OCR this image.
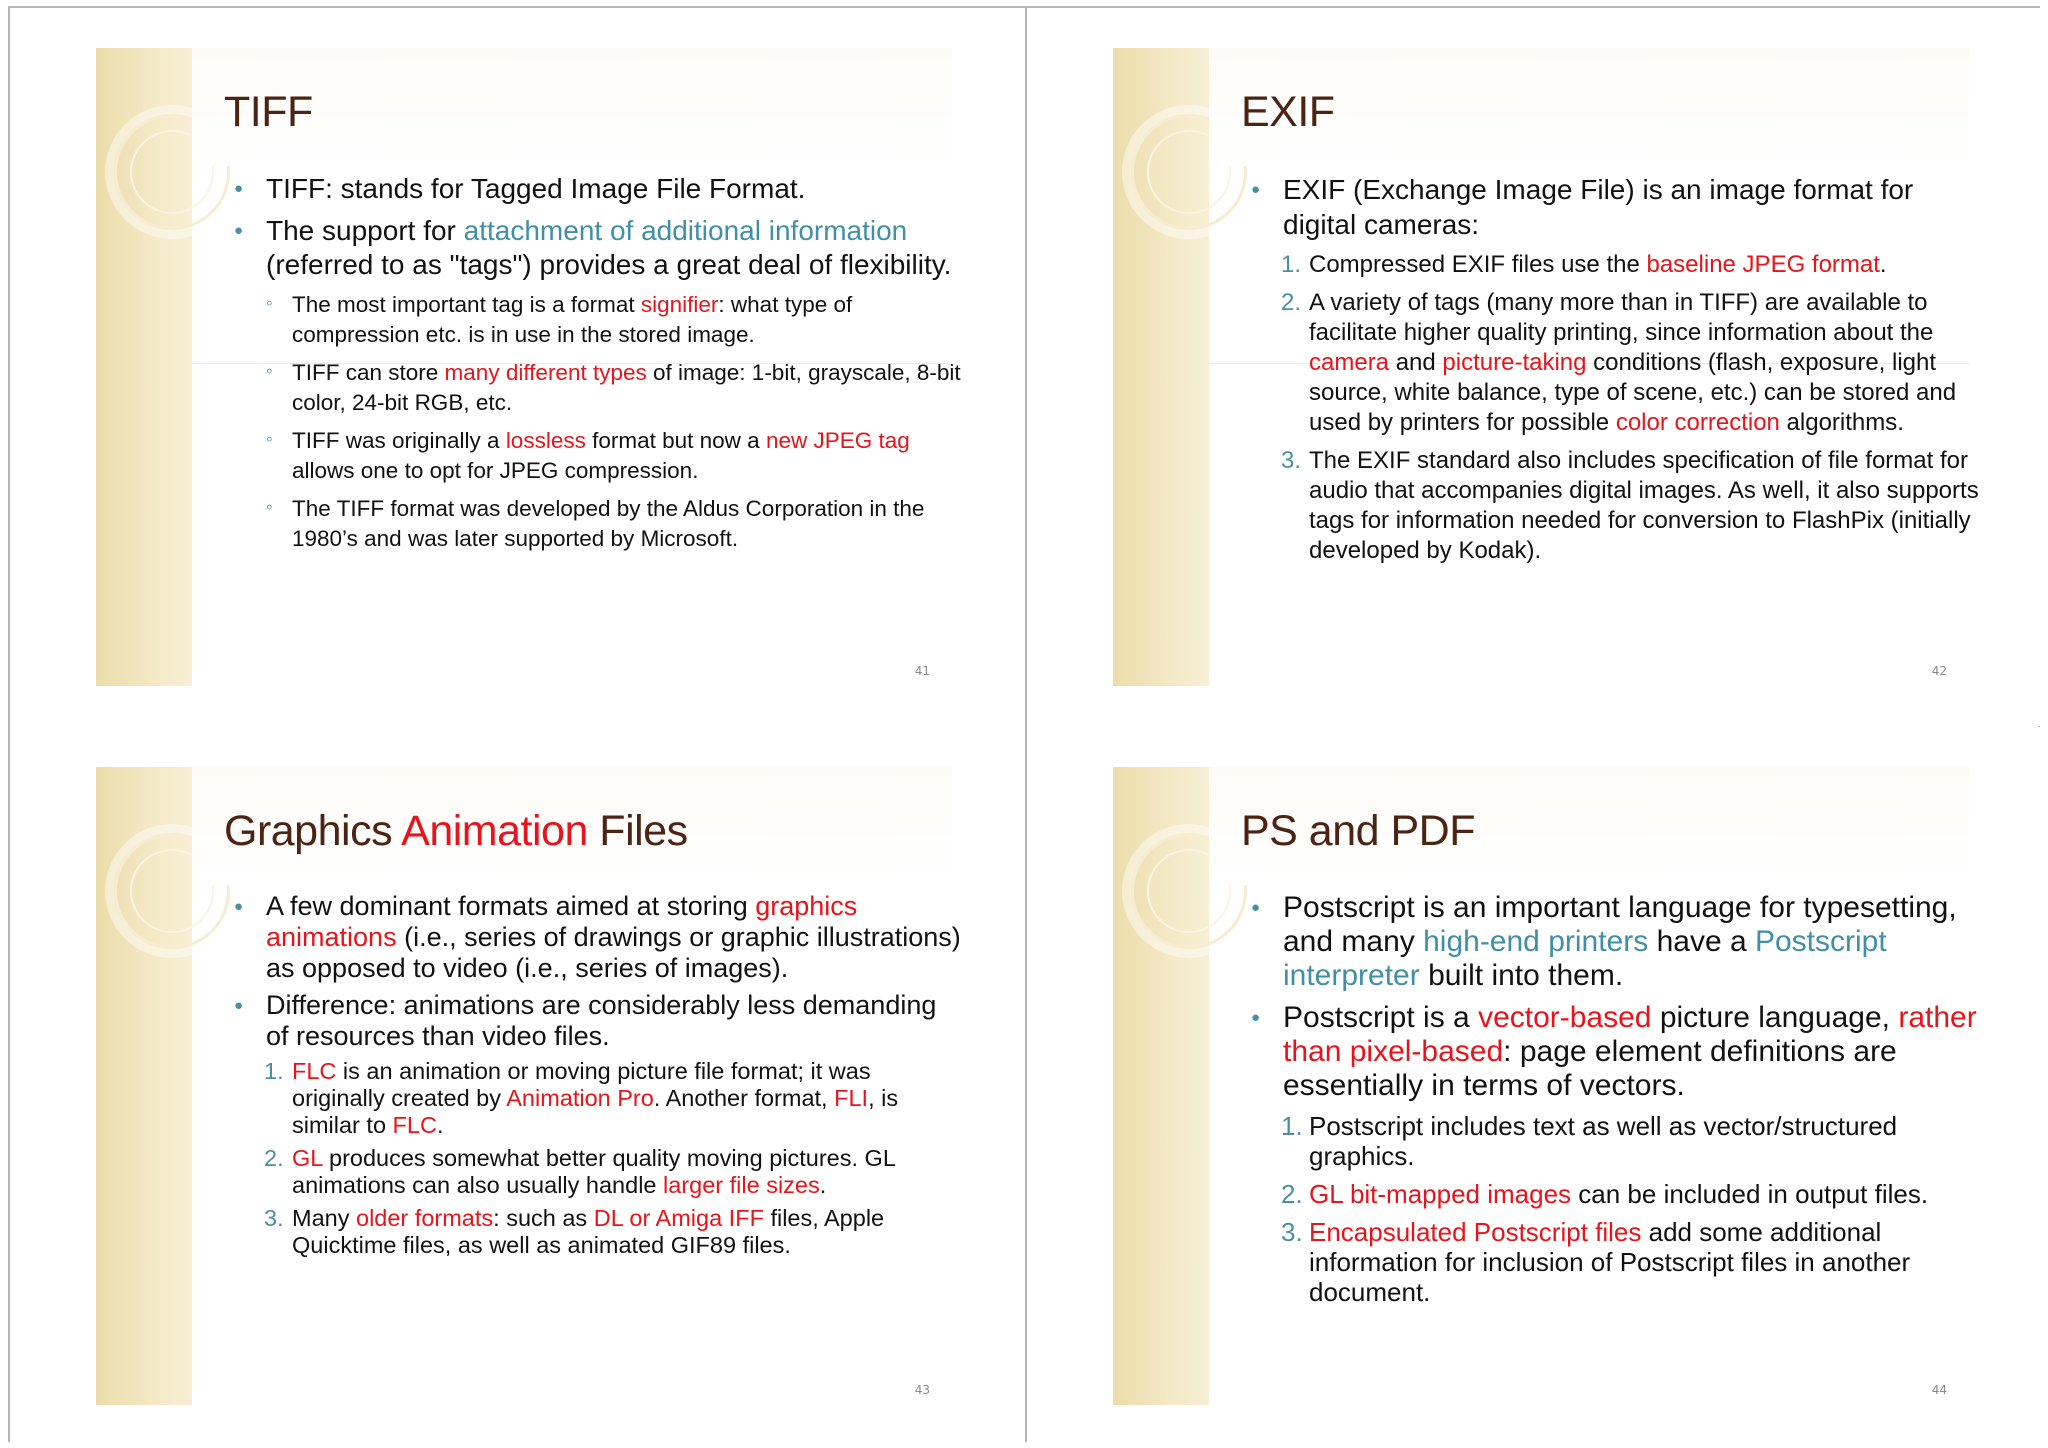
TIFF
● TIFF: stands for Tagged Image File Format.
● The support for attachment of additional information (referred to as "tags") provides a great deal of flexibility.
◦ The most important tag is a format signifier: what type of compression etc. is in use in the stored image.
◦ TIFF can store many different types of image: 1-bit, grayscale, 8-bit color, 24-bit RGB, etc.
◦ TIFF was originally a lossless format but now a new JPEG tag allows one to opt for JPEG compression.
◦ The TIFF format was developed by the Aldus Corporation in the 1980’s and was later supported by Microsoft.
41
EXIF
● EXIF (Exchange Image File) is an image format for digital cameras:
1. Compressed EXIF files use the baseline JPEG format.
2. A variety of tags (many more than in TIFF) are available to facilitate higher quality printing, since information about the camera and picture-taking conditions (flash, exposure, light source, white balance, type of scene, etc.) can be stored and used by printers for possible color correction algorithms.
3. The EXIF standard also includes specification of file format for audio that accompanies digital images. As well, it also supports tags for information needed for conversion to FlashPix (initially developed by Kodak).
42
Graphics Animation Files
● A few dominant formats aimed at storing graphics animations (i.e., series of drawings or graphic illustrations) as opposed to video (i.e., series of images).
● Difference: animations are considerably less demanding of resources than video files.
1. FLC is an animation or moving picture file format; it was originally created by Animation Pro. Another format, FLI, is similar to FLC.
2. GL produces somewhat better quality moving pictures. GL animations can also usually handle larger file sizes.
3. Many older formats: such as DL or Amiga IFF files, Apple Quicktime files, as well as animated GIF89 files.
43
PS and PDF
● Postscript is an important language for typesetting, and many high-end printers have a Postscript interpreter built into them.
● Postscript is a vector-based picture language, rather than pixel-based: page element definitions are essentially in terms of vectors.
1. Postscript includes text as well as vector/structured graphics.
2. GL bit-mapped images can be included in output files.
3. Encapsulated Postscript files add some additional information for inclusion of Postscript files in another document.
44
